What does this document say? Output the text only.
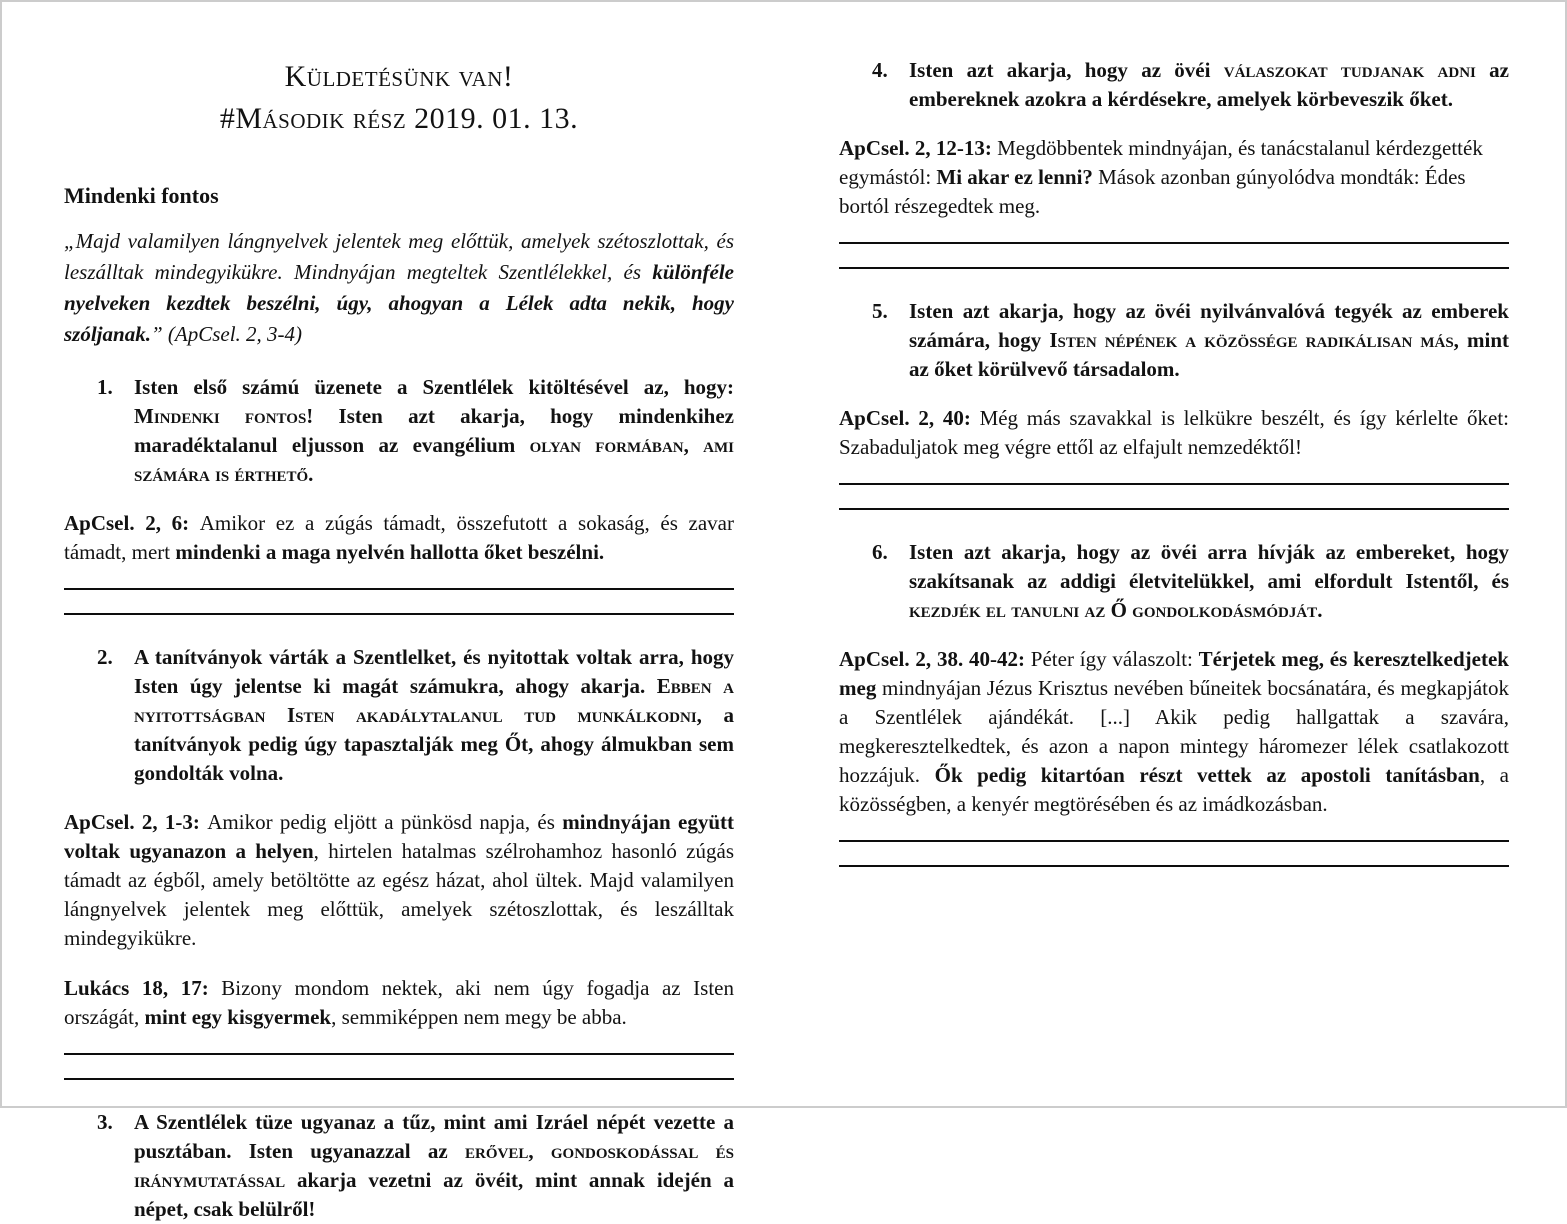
Küldetésünk van!
#Második rész 2019. 01. 13.
Mindenki fontos

„Majd valamilyen lángnyelvek jelentek meg előttük, amelyek szétoszlottak, és leszálltak mindegyikükre. Mindnyájan megteltek Szentlélekkel, és különféle nyelveken kezdtek beszélni, úgy, ahogyan a Lélek adta nekik, hogy szóljanak.” (ApCsel. 2, 3-4)

1.	Isten első számú üzenete a Szentlélek kitöltésével az, hogy: Mindenki fontos! Isten azt akarja, hogy mindenkihez maradéktalanul eljusson az evangélium olyan formában, ami számára is érthető.

ApCsel. 2, 6: Amikor ez a zúgás támadt, összefutott a sokaság, és zavar támadt, mert mindenki a maga nyelvén hallotta őket beszélni.

2.	A tanítványok várták a Szentlelket, és nyitottak voltak arra, hogy Isten úgy jelentse ki magát számukra, ahogy akarja. Ebben a nyitottságban Isten akadálytalanul tud munkálkodni, a tanítványok pedig úgy tapasztalják meg Őt, ahogy álmukban sem gondolták volna.

ApCsel. 2, 1-3: Amikor pedig eljött a pünkösd napja, és mindnyájan együtt voltak ugyanazon a helyen, hirtelen hatalmas szélrohamhoz hasonló zúgás támadt az égből, amely betöltötte az egész házat, ahol ültek. Majd valamilyen lángnyelvek jelentek meg előttük, amelyek szétoszlottak, és leszálltak mindegyikükre.

Lukács 18, 17: Bizony mondom nektek, aki nem úgy fogadja az Isten országát, mint egy kisgyermek, semmiképpen nem megy be abba.

3.	A Szentlélek tüze ugyanaz a tűz, mint ami Izráel népét vezette a pusztában. Isten ugyanazzal az erővel, gondoskodással és iránymutatással akarja vezetni az övéit, mint annak idején a népet, csak belülről!
4.	Isten azt akarja, hogy az övéi válaszokat tudjanak adni az embereknek azokra a kérdésekre, amelyek körbeveszik őket.

ApCsel. 2, 12-13: Megdöbbentek mindnyájan, és tanácstalanul kérdezgették egymástól: Mi akar ez lenni? Mások azonban gúnyolódva mondták: Édes bortól részegedtek meg.

5.	Isten azt akarja, hogy az övéi nyilvánvalóvá tegyék az emberek számára, hogy Isten népének a közössége radikálisan más, mint az őket körülvevő társadalom.

ApCsel. 2, 40: Még más szavakkal is lelkükre beszélt, és így kérlelte őket: Szabaduljatok meg végre ettől az elfajult nemzedéktől!

6.	Isten azt akarja, hogy az övéi arra hívják az embereket, hogy szakítsanak az addigi életvitelükkel, ami elfordult Istentől, és kezdjék el tanulni az Ő gondolkodásmódját.

ApCsel. 2, 38. 40-42: Péter így válaszolt: Térjetek meg, és keresztelkedjetek meg mindnyájan Jézus Krisztus nevében bűneitek bocsánatára, és megkapjátok a Szentlélek ajándékát. [...] Akik pedig hallgattak a szavára, megkeresztelkedtek, és azon a napon mintegy háromezer lélek csatlakozott hozzájuk. Ők pedig kitartóan részt vettek az apostoli tanításban, a közösségben, a kenyér megtörésében és az imádkozásban.
